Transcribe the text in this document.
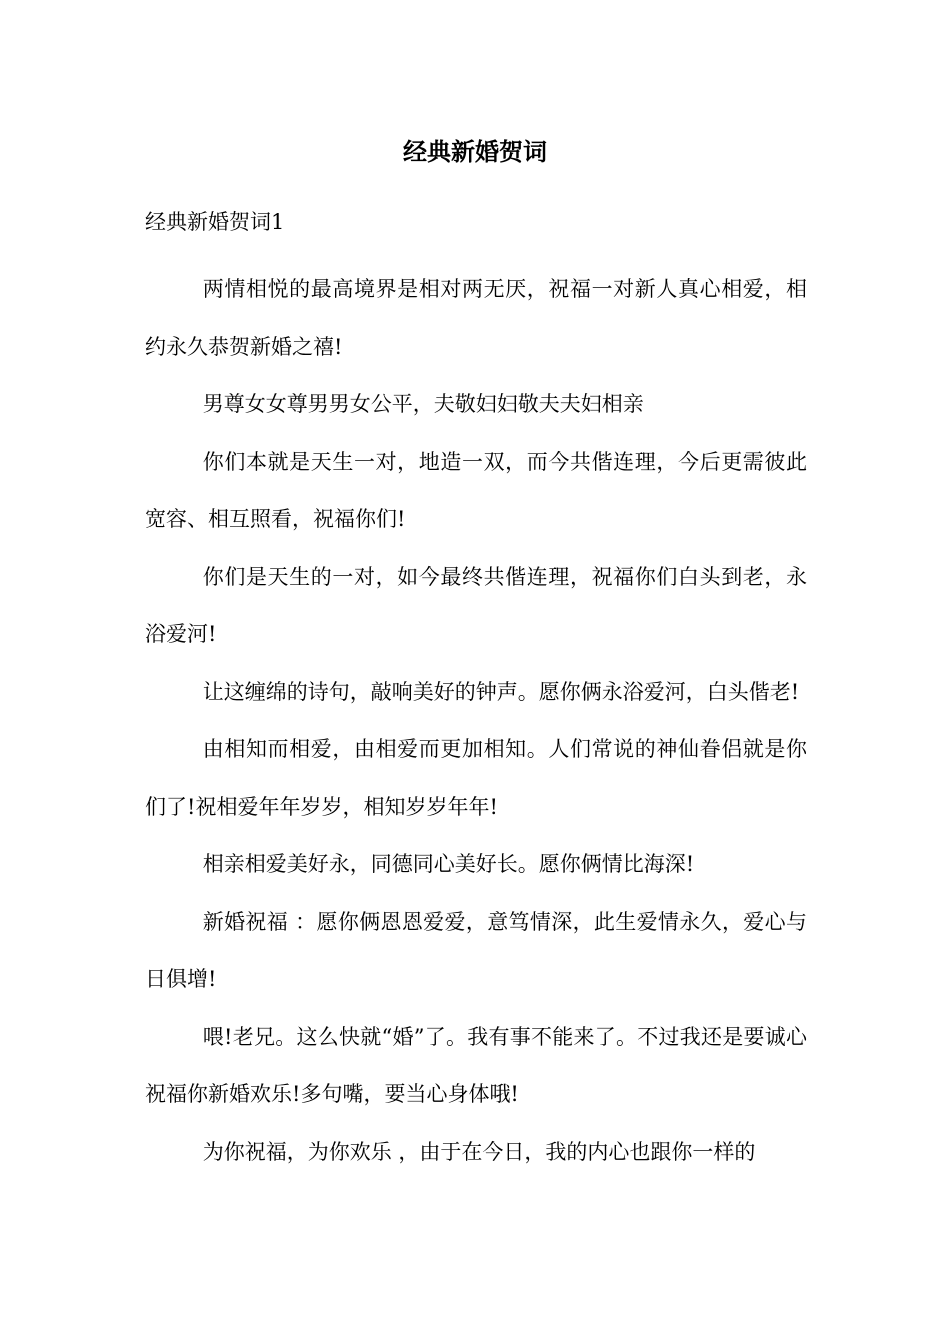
经典新婚贺词
经典新婚贺词1

两情相悦的最高境界是相对两无厌，祝福一对新人真心相爱，相约永久恭贺新婚之禧!

男尊女女尊男男女公平，夫敬妇妇敬夫夫妇相亲

你们本就是天生一对，地造一双，而今共偕连理，今后更需彼此宽容、相互照看，祝福你们!

你们是天生的一对，如今最终共偕连理，祝福你们白头到老，永浴爱河!

让这缠绵的诗句，敲响美好的钟声。愿你俩永浴爱河，白头偕老!

由相知而相爱，由相爱而更加相知。人们常说的神仙眷侣就是你们了!祝相爱年年岁岁，相知岁岁年年!

相亲相爱美好永，同德同心美好长。愿你俩情比海深!

新婚祝福 ：愿你俩恩恩爱爱，意笃情深，此生爱情永久，爱心与日俱增!

喂!老兄。这么快就“婚”了。我有事不能来了。不过我还是要诚心祝福你新婚欢乐!多句嘴，要当心身体哦!

为你祝福，为你欢乐 ，由于在今日，我的内心也跟你一样的
